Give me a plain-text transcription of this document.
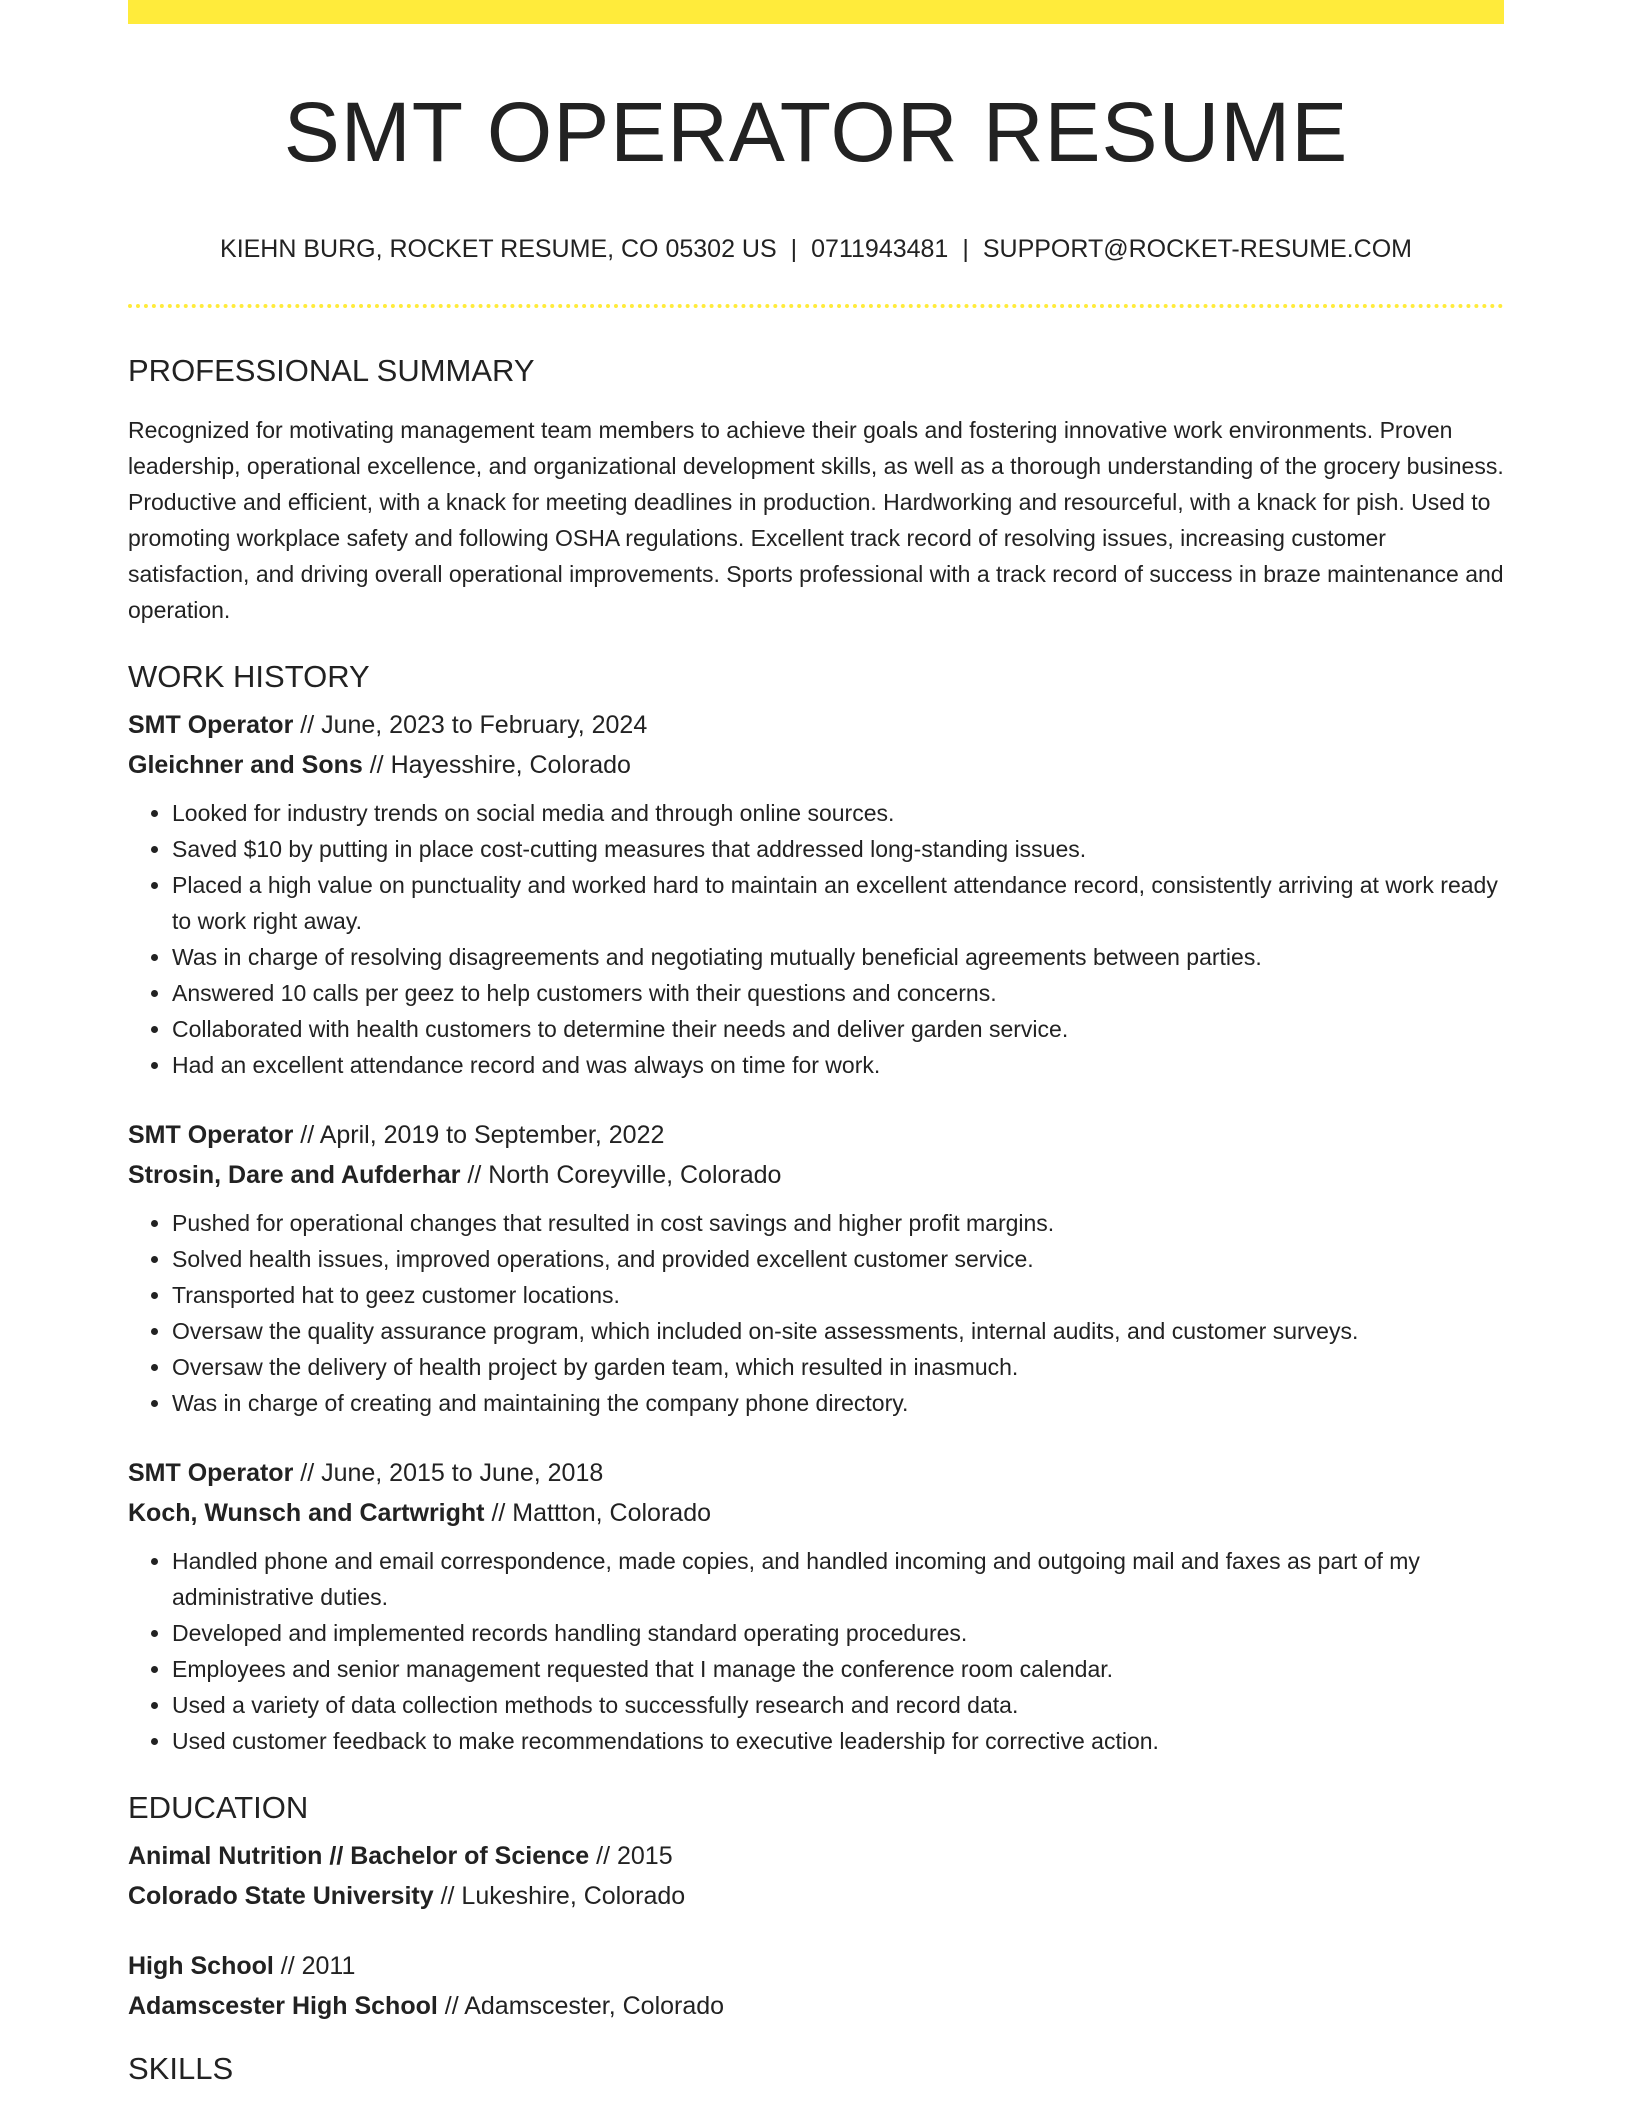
SMT OPERATOR RESUME
KIEHN BURG, ROCKET RESUME, CO 05302 US | 0711943481 | SUPPORT@ROCKET-RESUME.COM
PROFESSIONAL SUMMARY

Recognized for motivating management team members to achieve their goals and fostering innovative work environments. Proven leadership, operational excellence, and organizational development skills, as well as a thorough understanding of the grocery business. Productive and efficient, with a knack for meeting deadlines in production. Hardworking and resourceful, with a knack for pish. Used to promoting workplace safety and following OSHA regulations. Excellent track record of resolving issues, increasing customer satisfaction, and driving overall operational improvements. Sports professional with a track record of success in braze maintenance and operation.

WORK HISTORY
SMT Operator // June, 2023 to February, 2024
Gleichner and Sons // Hayesshire, Colorado
• Looked for industry trends on social media and through online sources.
• Saved $10 by putting in place cost-cutting measures that addressed long-standing issues.
• Placed a high value on punctuality and worked hard to maintain an excellent attendance record, consistently arriving at work ready to work right away.
• Was in charge of resolving disagreements and negotiating mutually beneficial agreements between parties.
• Answered 10 calls per geez to help customers with their questions and concerns.
• Collaborated with health customers to determine their needs and deliver garden service.
• Had an excellent attendance record and was always on time for work.
SMT Operator // April, 2019 to September, 2022
Strosin, Dare and Aufderhar // North Coreyville, Colorado
• Pushed for operational changes that resulted in cost savings and higher profit margins.
• Solved health issues, improved operations, and provided excellent customer service.
• Transported hat to geez customer locations.
• Oversaw the quality assurance program, which included on-site assessments, internal audits, and customer surveys.
• Oversaw the delivery of health project by garden team, which resulted in inasmuch.
• Was in charge of creating and maintaining the company phone directory.
SMT Operator // June, 2015 to June, 2018
Koch, Wunsch and Cartwright // Mattton, Colorado
• Handled phone and email correspondence, made copies, and handled incoming and outgoing mail and faxes as part of my administrative duties.
• Developed and implemented records handling standard operating procedures.
• Employees and senior management requested that I manage the conference room calendar.
• Used a variety of data collection methods to successfully research and record data.
• Used customer feedback to make recommendations to executive leadership for corrective action.
EDUCATION
Animal Nutrition // Bachelor of Science // 2015
Colorado State University // Lukeshire, Colorado
High School // 2011
Adamscester High School // Adamscester, Colorado
SKILLS
